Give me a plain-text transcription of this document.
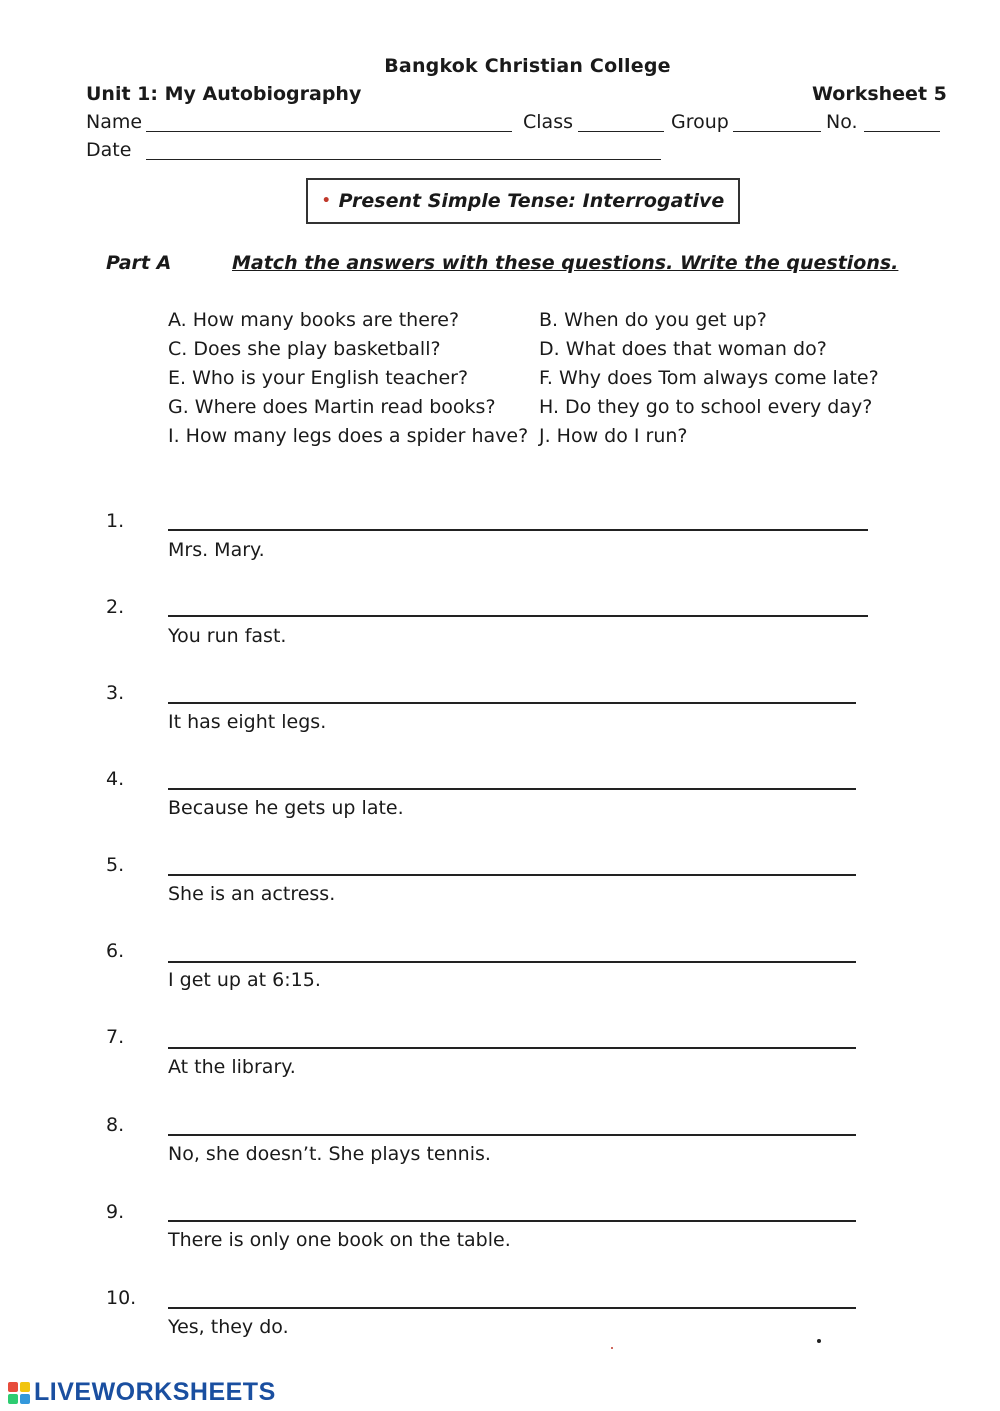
Bangkok Christian College
Unit 1: My Autobiography	Worksheet 5
Name	Class	Group	No.
Date
• Present Simple Tense: Interrogative
Part A	Match the answers with these questions. Write the questions.
A. How many books are there?	B. When do you get up?
C. Does she play basketball?	D. What does that woman do?
E. Who is your English teacher?	F. Why does Tom always come late?
G. Where does Martin read books? H. Do they go to school every day?
I. How many legs does a spider have? J. How do I run?
1.
Mrs. Mary.
2.
You run fast.
3.
It has eight legs.
4.
Because he gets up late.
5.
She is an actress.
6.
I get up at 6:15.
7.
At the library.
8.
No, she doesn’t. She plays tennis.
9.
There is only one book on the table.
10.
Yes, they do.
LIVEWORKSHEETS
